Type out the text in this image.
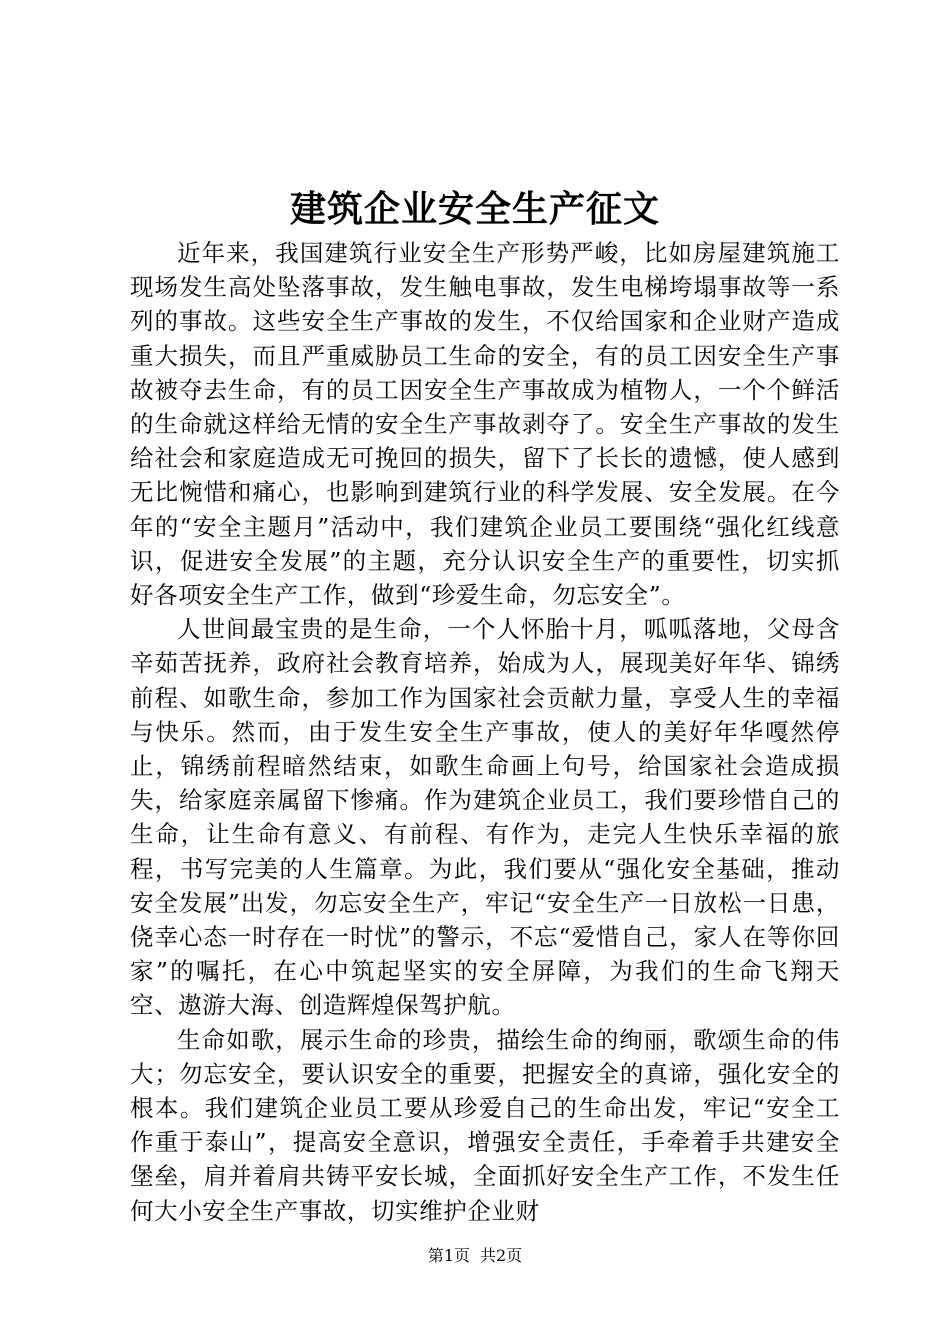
建筑企业安全生产征文

近年来，我国建筑行业安全生产形势严峻，比如房屋建筑施工现场发生高处坠落事故，发生触电事故，发生电梯垮塌事故等一系列的事故。这些安全生产事故的发生，不仅给国家和企业财产造成重大损失，而且严重威胁员工生命的安全，有的员工因安全生产事故被夺去生命，有的员工因安全生产事故成为植物人，一个个鲜活的生命就这样给无情的安全生产事故剥夺了。安全生产事故的发生给社会和家庭造成无可挽回的损失，留下了长长的遗憾，使人感到无比惋惜和痛心，也影响到建筑行业的科学发展、安全发展。在今年的“安全主题月”活动中，我们建筑企业员工要围绕“强化红线意识，促进安全发展”的主题，充分认识安全生产的重要性，切实抓好各项安全生产工作，做到“珍爱生命，勿忘安全”。

人世间最宝贵的是生命，一个人怀胎十月，呱呱落地，父母含辛茹苦抚养，政府社会教育培养，始成为人，展现美好年华、锦绣前程、如歌生命，参加工作为国家社会贡献力量，享受人生的幸福与快乐。然而，由于发生安全生产事故，使人的美好年华嘎然停止，锦绣前程暗然结束，如歌生命画上句号，给国家社会造成损失，给家庭亲属留下惨痛。作为建筑企业员工，我们要珍惜自己的生命，让生命有意义、有前程、有作为，走完人生快乐幸福的旅程，书写完美的人生篇章。为此，我们要从“强化安全基础，推动安全发展”出发，勿忘安全生产，牢记“安全生产一日放松一日患，侥幸心态一时存在一时忧”的警示，不忘“爱惜自己，家人在等你回家”的嘱托，在心中筑起坚实的安全屏障，为我们的生命飞翔天空、遨游大海、创造辉煌保驾护航。

生命如歌，展示生命的珍贵，描绘生命的绚丽，歌颂生命的伟大；勿忘安全，要认识安全的重要，把握安全的真谛，强化安全的根本。我们建筑企业员工要从珍爱自己的生命出发，牢记“安全工作重于泰山”，提高安全意识，增强安全责任，手牵着手共建安全堡垒，肩并着肩共铸平安长城，全面抓好安全生产工作，不发生任何大小安全生产事故，切实维护企业财

第1页 共2页
